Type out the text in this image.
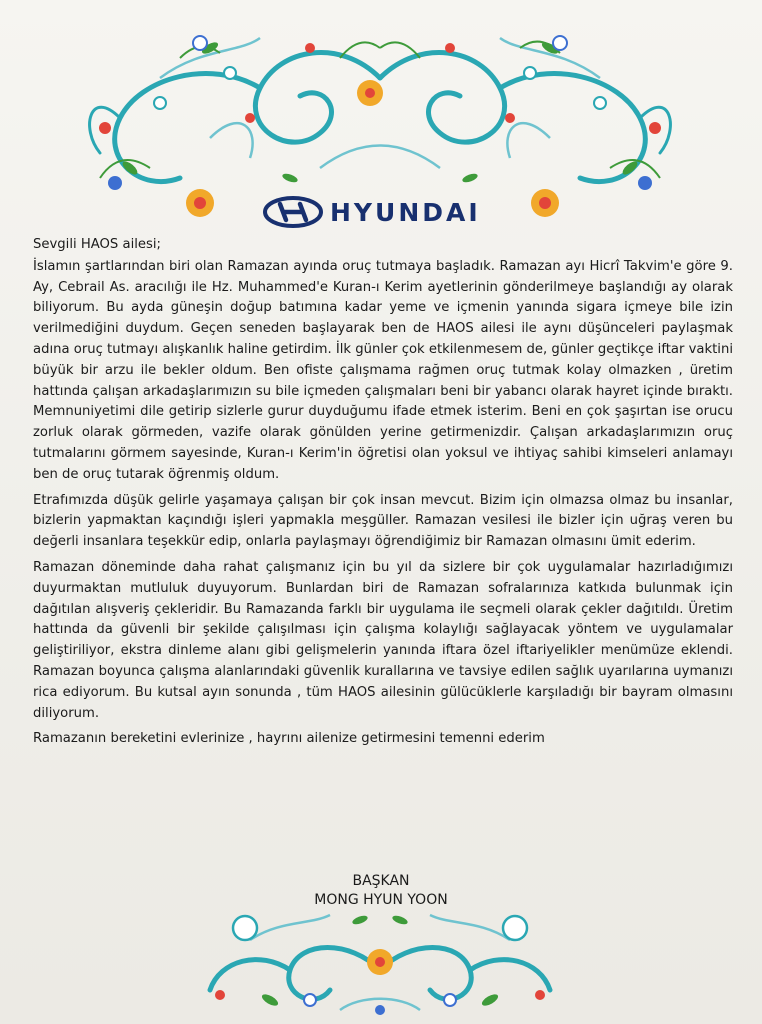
HYUNDAI

Sevgili HAOS ailesi;

İslamın şartlarından biri olan Ramazan ayında oruç tutmaya başladık. Ramazan ayı Hicrî Takvim'e göre 9. Ay, Cebrail As. aracılığı ile Hz. Muhammed'e Kuran-ı Kerim ayetlerinin gönderilmeye başlandığı ay olarak biliyorum. Bu ayda güneşin doğup batımına kadar yeme ve içmenin yanında sigara içmeye bile izin verilmediğini duydum. Geçen seneden başlayarak ben de HAOS ailesi ile aynı düşünceleri paylaşmak adına oruç tutmayı alışkanlık haline getirdim. İlk günler çok etkilenmesem de, günler geçtikçe iftar vaktini büyük bir arzu ile bekler oldum. Ben ofiste çalışmama rağmen oruç tutmak kolay olmazken , üretim hattında çalışan arkadaşlarımızın su bile içmeden çalışmaları beni bir yabancı olarak hayret içinde bıraktı. Memnuniyetimi dile getirip sizlerle gurur duyduğumu ifade etmek isterim. Beni en çok şaşırtan ise orucu zorluk olarak görmeden, vazife olarak gönülden yerine getirmenizdir. Çalışan arkadaşlarımızın oruç tutmalarını görmem sayesinde, Kuran-ı Kerim'in öğretisi olan yoksul ve ihtiyaç sahibi kimseleri anlamayı ben de oruç tutarak öğrenmiş oldum.

Etrafımızda düşük gelirle yaşamaya çalışan bir çok insan mevcut. Bizim için olmazsa olmaz bu insanlar, bizlerin yapmaktan kaçındığı işleri yapmakla meşgüller. Ramazan vesilesi ile bizler için uğraş veren bu değerli insanlara teşekkür edip, onlarla paylaşmayı öğrendiğimiz bir Ramazan olmasını ümit ederim.

Ramazan döneminde daha rahat çalışmanız için bu yıl da sizlere bir çok uygulamalar hazırladığımızı duyurmaktan mutluluk duyuyorum. Bunlardan biri de Ramazan sofralarınıza katkıda bulunmak için dağıtılan alışveriş çekleridir. Bu Ramazanda farklı bir uygulama ile seçmeli olarak çekler dağıtıldı. Üretim hattında da güvenli bir şekilde çalışılması için çalışma kolaylığı sağlayacak yöntem ve uygulamalar geliştiriliyor, ekstra dinleme alanı gibi gelişmelerin yanında iftara özel iftariyelikler menümüze eklendi. Ramazan boyunca çalışma alanlarındaki güvenlik kurallarına ve tavsiye edilen sağlık uyarılarına uymanızı rica ediyorum. Bu kutsal ayın sonunda , tüm HAOS ailesinin gülücüklerle karşıladığı bir bayram olmasını diliyorum.

Ramazanın bereketini evlerinize , hayrını ailenize getirmesini temenni ederim

BAŞKAN
MONG HYUN YOON
